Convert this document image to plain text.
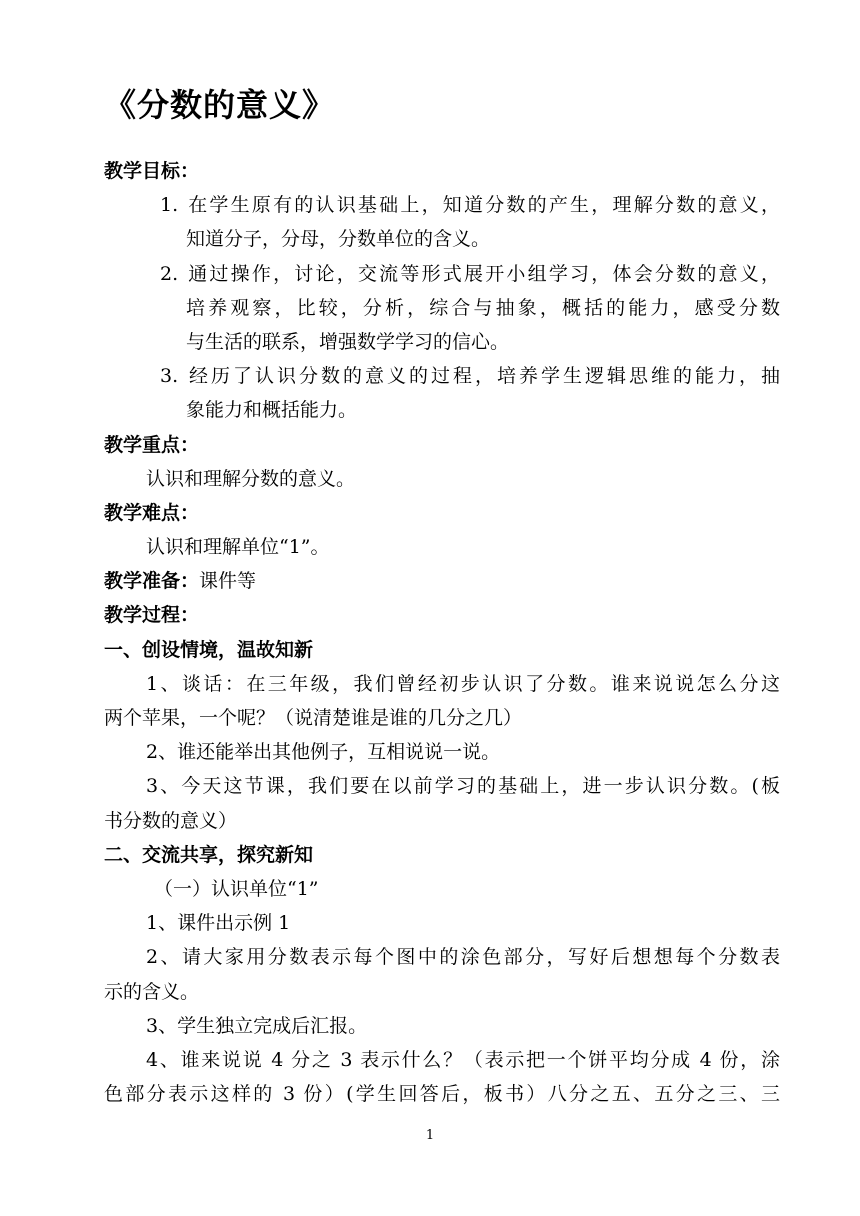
《分数的意义》
教学目标：
1. 在学生原有的认识基础上，知道分数的产生，理解分数的意义，
知道分子，分母，分数单位的含义。
2. 通过操作，讨论，交流等形式展开小组学习，体会分数的意义，
培养观察，比较，分析，综合与抽象，概括的能力，感受分数
与生活的联系，增强数学学习的信心。
3. 经历了认识分数的意义的过程，培养学生逻辑思维的能力，抽
象能力和概括能力。
教学重点：
认识和理解分数的意义。
教学难点：
认识和理解单位“1”。
教学准备：课件等
教学过程：
一、创设情境，温故知新
1、谈话：在三年级，我们曾经初步认识了分数。谁来说说怎么分这
两个苹果，一个呢？（说清楚谁是谁的几分之几）
2、谁还能举出其他例子，互相说说一说。
3、今天这节课，我们要在以前学习的基础上，进一步认识分数。(板
书分数的意义）
二、交流共享，探究新知
（一）认识单位“1”
1、课件出示例 1
2、请大家用分数表示每个图中的涂色部分，写好后想想每个分数表
示的含义。
3、学生独立完成后汇报。
4、谁来说说 4 分之 3 表示什么？（表示把一个饼平均分成 4 份，涂
色部分表示这样的 3 份）(学生回答后，板书）八分之五、五分之三、三
1
